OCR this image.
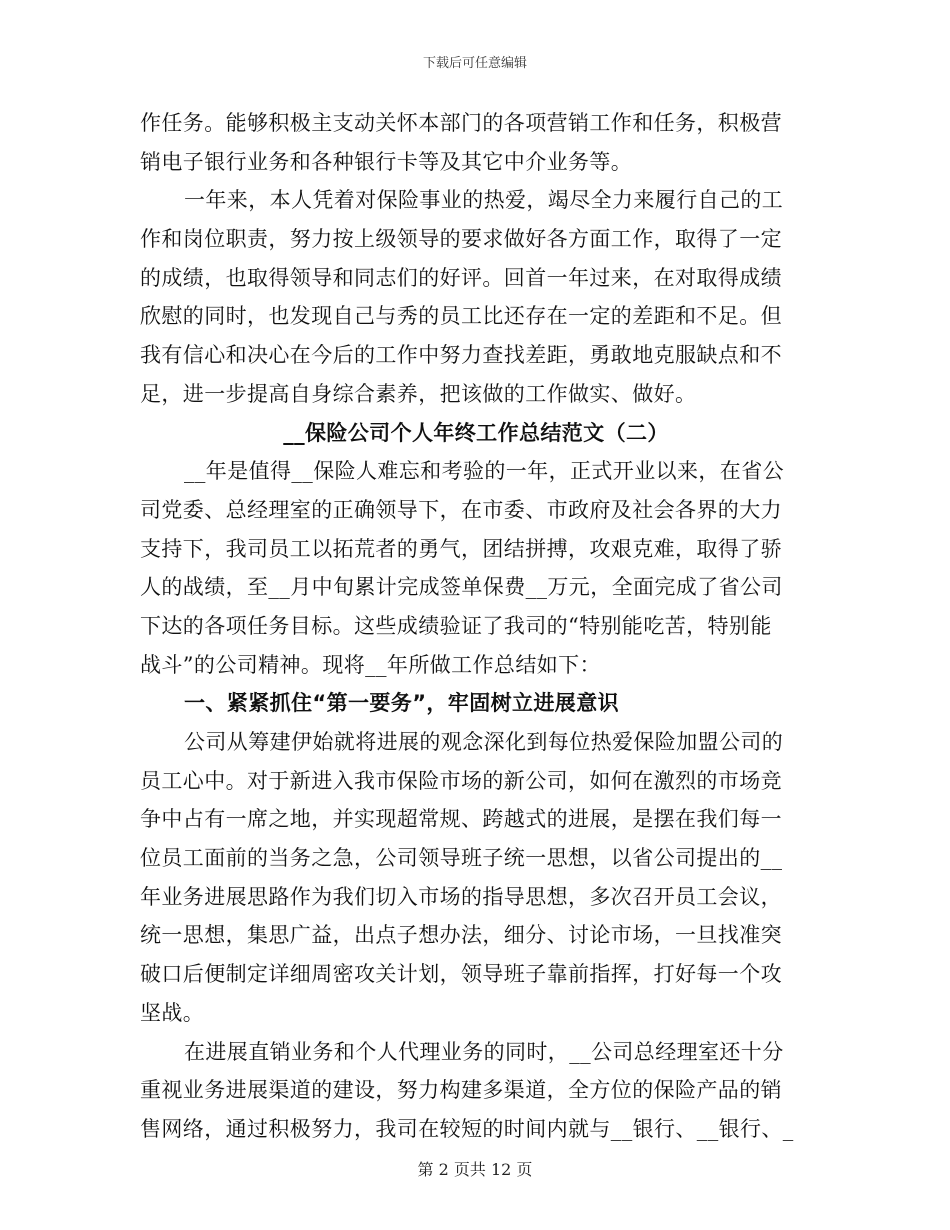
下载后可任意编辑
作任务。能够积极主支动关怀本部门的各项营销工作和任务，积极营
销电子银行业务和各种银行卡等及其它中介业务等。
一年来，本人凭着对保险事业的热爱，竭尽全力来履行自己的工
作和岗位职责，努力按上级领导的要求做好各方面工作，取得了一定
的成绩，也取得领导和同志们的好评。回首一年过来，在对取得成绩
欣慰的同时，也发现自己与秀的员工比还存在一定的差距和不足。但
我有信心和决心在今后的工作中努力查找差距，勇敢地克服缺点和不
足，进一步提高自身综合素养，把该做的工作做实、做好。
__保险公司个人年终工作总结范文（二）
__年是值得__保险人难忘和考验的一年，正式开业以来，在省公
司党委、总经理室的正确领导下，在市委、市政府及社会各界的大力
支持下，我司员工以拓荒者的勇气，团结拼搏，攻艰克难，取得了骄
人的战绩，至__月中旬累计完成签单保费__万元，全面完成了省公司
下达的各项任务目标。这些成绩验证了我司的“特别能吃苦，特别能
战斗”的公司精神。现将__年所做工作总结如下：
一、紧紧抓住“第一要务”，牢固树立进展意识
公司从筹建伊始就将进展的观念深化到每位热爱保险加盟公司的
员工心中。对于新进入我市保险市场的新公司，如何在激烈的市场竞
争中占有一席之地，并实现超常规、跨越式的进展，是摆在我们每一
位员工面前的当务之急，公司领导班子统一思想，以省公司提出的__
年业务进展思路作为我们切入市场的指导思想，多次召开员工会议，
统一思想，集思广益，出点子想办法，细分、讨论市场，一旦找准突
破口后便制定详细周密攻关计划，领导班子靠前指挥，打好每一个攻
坚战。
在进展直销业务和个人代理业务的同时，__公司总经理室还十分
重视业务进展渠道的建设，努力构建多渠道，全方位的保险产品的销
售网络，通过积极努力，我司在较短的时间内就与__银行、__银行、_
第 2 页共 12 页
